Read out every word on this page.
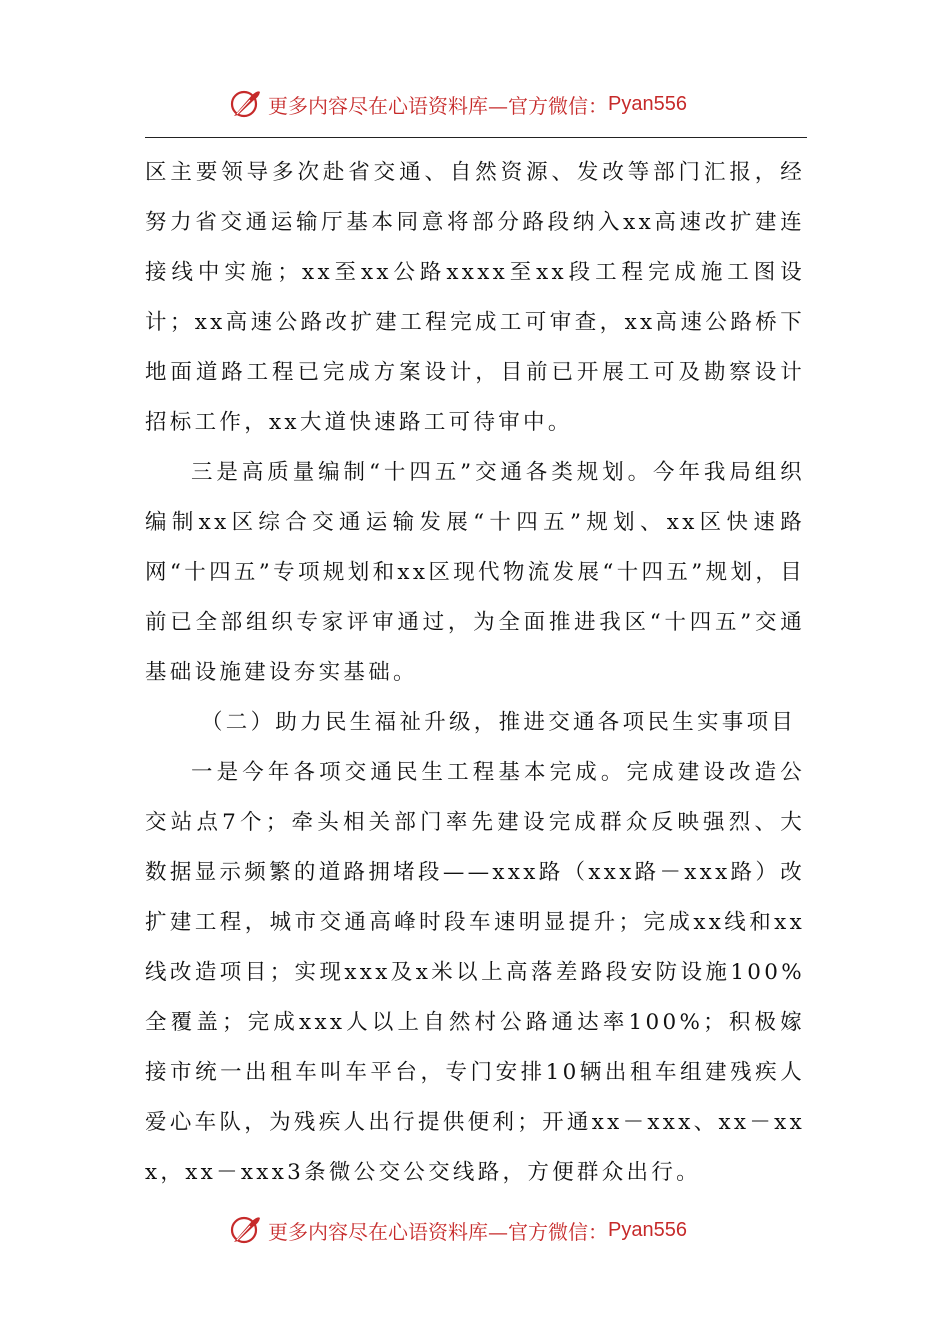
更多内容尽在心语资料库—官方微信： Pyan556

区主要领导多次赴省交通、自然资源、发改等部门汇报，经努力省交通运输厅基本同意将部分路段纳入xx高速改扩建连接线中实施；xx至xx公路xxxx至xx段工程完成施工图设计；xx高速公路改扩建工程完成工可审查，xx高速公路桥下地面道路工程已完成方案设计，目前已开展工可及勘察设计招标工作，xx大道快速路工可待审中。

三是高质量编制“十四五”交通各类规划。今年我局组织编制xx区综合交通运输发展“十四五”规划、xx区快速路网“十四五”专项规划和xx区现代物流发展“十四五”规划，目前已全部组织专家评审通过，为全面推进我区“十四五”交通基础设施建设夯实基础。

（二）助力民生福祉升级，推进交通各项民生实事项目

一是今年各项交通民生工程基本完成。完成建设改造公交站点7个；牵头相关部门率先建设完成群众反映强烈、大数据显示频繁的道路拥堵段——xxx路（xxx路－xxx路）改扩建工程，城市交通高峰时段车速明显提升；完成xx线和xx线改造项目；实现xxx及x米以上高落差路段安防设施100%全覆盖；完成xxx人以上自然村公路通达率100%；积极嫁接市统一出租车叫车平台，专门安排10辆出租车组建残疾人爱心车队，为残疾人出行提供便利；开通xx－xxx、xx－xxx，xx－xxx3条微公交公交线路，方便群众出行。

更多内容尽在心语资料库—官方微信： Pyan556
